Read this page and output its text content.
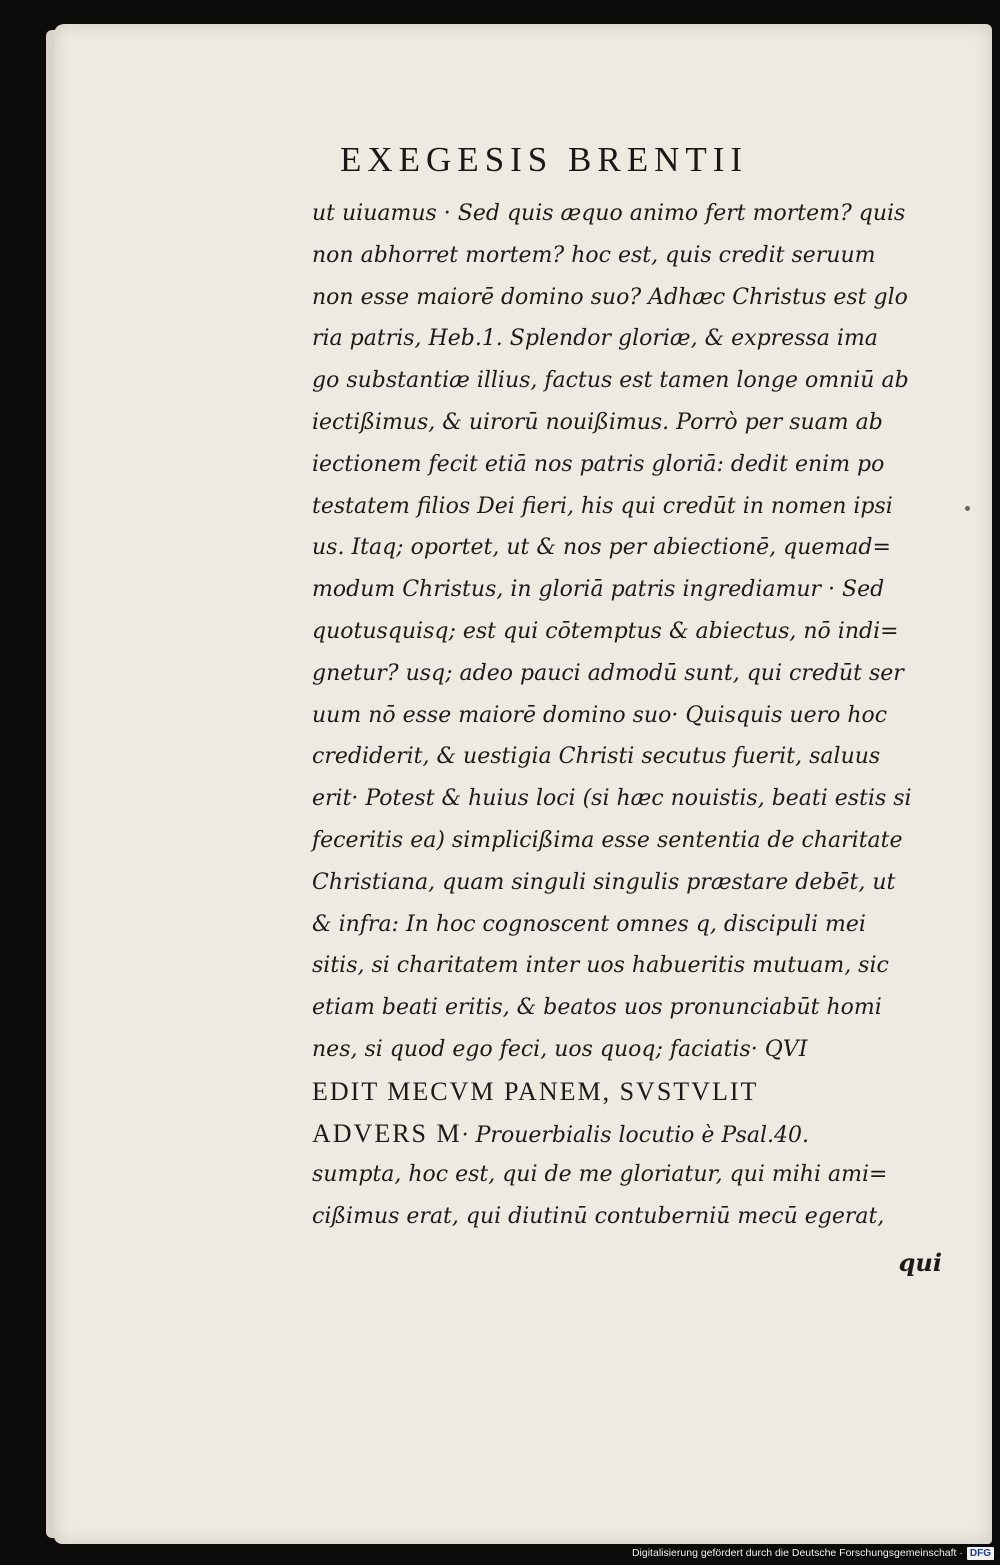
EXEGESIS BRENTII
ut uiuamus · Sed quis æquo animo fert mortem? quis
non abhorret mortem? hoc est, quis credit seruum
non esse maiorē domino suo? Adhæc Christus est glo
ria patris, Heb.1. Splendor gloriæ, & expressa ima
go substantiæ illius, factus est tamen longe omniū ab
iectißimus, & uirorū nouißimus. Porrò per suam ab
iectionem fecit etiā nos patris gloriā: dedit enim po
testatem filios Dei fieri, his qui credūt in nomen ipsi
us. Itaq; oportet, ut & nos per abiectionē, quemad=
modum Christus, in gloriā patris ingrediamur · Sed
quotusquisq; est qui cōtemptus & abiectus, nō indi=
gnetur? usq; adeo pauci admodū sunt, qui credūt ser
uum nō esse maiorē domino suo· Quisquis uero hoc
crediderit, & uestigia Christi secutus fuerit, saluus
erit· Potest & huius loci (si hæc nouistis, beati estis si
feceritis ea) simplicißima esse sententia de charitate
Christiana, quam singuli singulis præstare debēt, ut
& infra: In hoc cognoscent omnes q, discipuli mei
sitis, si charitatem inter uos habueritis mutuam, sic
etiam beati eritis, & beatos uos pronunciabūt homi
nes, si quod ego feci, uos quoq; faciatis· QVI
EDIT MECVM PANEM, SVSTVLIT
ADVERS M· Prouerbialis locutio è Psal.40.
sumpta, hoc est, qui de me gloriatur, qui mihi ami=
cißimus erat, qui diutinū contuberniū mecū egerat,
qui
Digitalisierung gefördert durch die Deutsche Forschungsgemeinschaft · DFG
